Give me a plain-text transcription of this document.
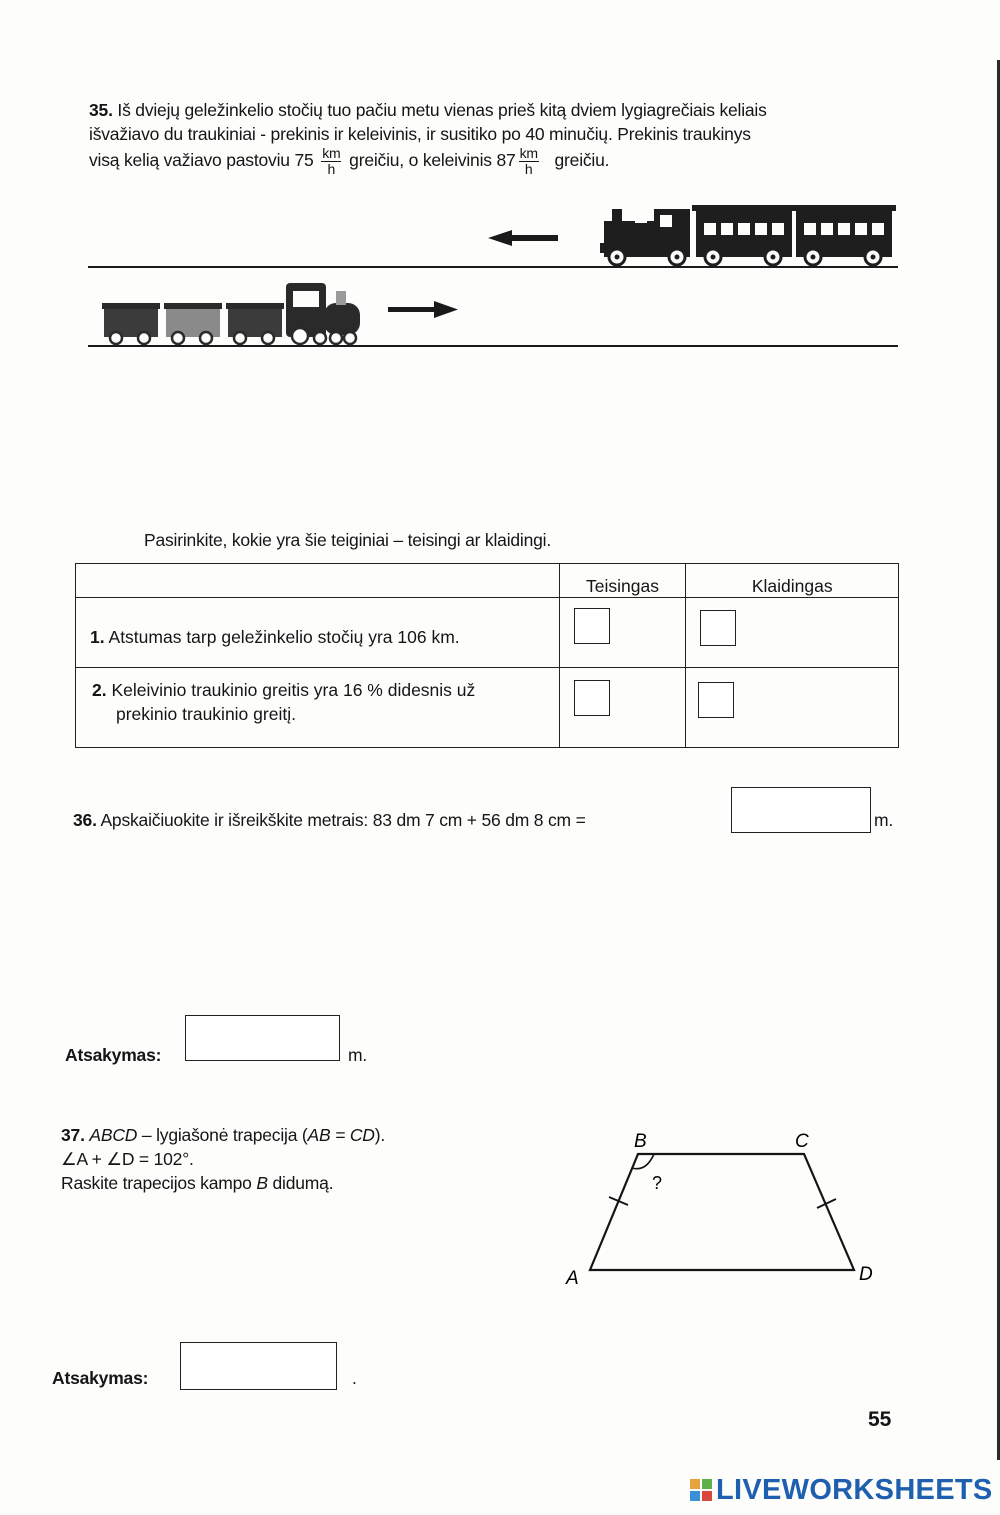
35. Iš dviejų geležinkelio stočių tuo pačiu metu vienas prieš kitą dviem lygiagrečiais keliais
išvažiavo du traukiniai - prekinis ir keleivinis, ir susitiko po 40 minučių. Prekinis traukinys
visą kelią važiavo pastoviu $75 \frac{km}{h}$ greičiu, o keleivinis $87 \frac{km}{h}$ greičiu.
Pasirinkite, kokie yra šie teiginiai – teisingi ar klaidingi.
	Teisingas	Klaidingas
1. Atstumas tarp geležinkelio stočių yra 106 km.	

2. Keleivinio traukinio greitis yra 16 % didesnis už
prekinio traukinio greitį.	

36. Apskaičiuokite ir išreikškite metrais: 83 dm 7 cm + 56 dm 8 cm =	m.
Atsakymas:	m.
37. ABCD – lygiašonė trapecija (AB = CD).
∠A + ∠D = 102°.
Raskite trapecijos kampo B didumą.	?
B	C
A	D
Atsakymas:	.
55
LIVEWORKSHEETS
